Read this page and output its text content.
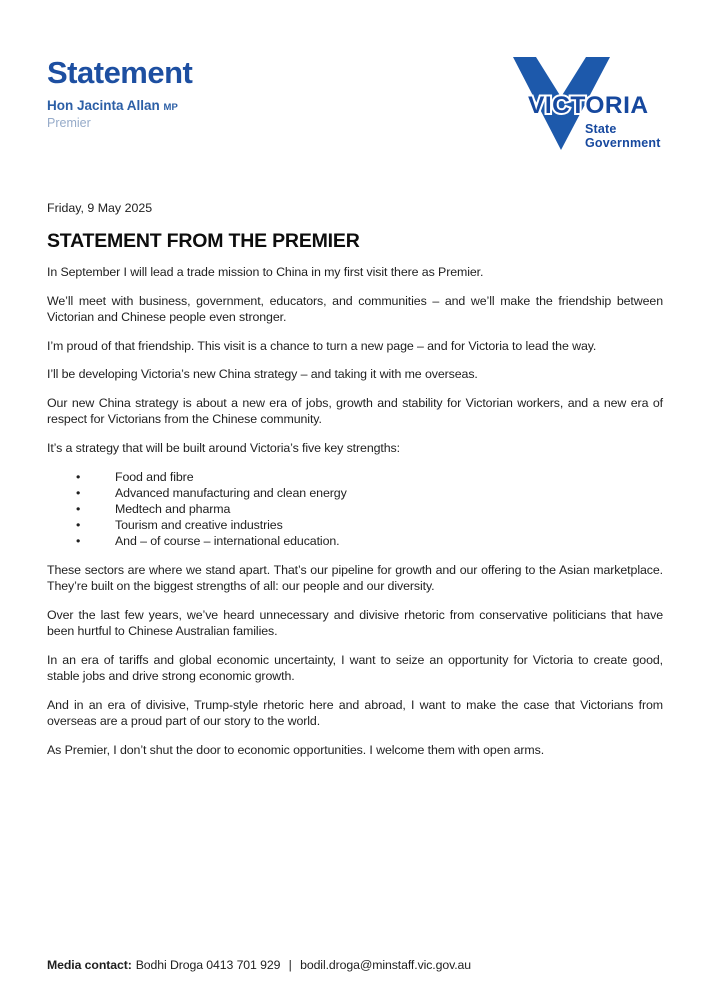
Statement
Hon Jacinta Allan MP
Premier
VICTORIA
State
Government
Friday, 9 May 2025
STATEMENT FROM THE PREMIER

In September I will lead a trade mission to China in my first visit there as Premier.

We’ll meet with business, government, educators, and communities – and we’ll make the friendship between Victorian and Chinese people even stronger.

I’m proud of that friendship. This visit is a chance to turn a new page – and for Victoria to lead the way.

I’ll be developing Victoria’s new China strategy – and taking it with me overseas.

Our new China strategy is about a new era of jobs, growth and stability for Victorian workers, and a new era of respect for Victorians from the Chinese community.

It’s a strategy that will be built around Victoria’s five key strengths:

• Food and fibre
• Advanced manufacturing and clean energy
• Medtech and pharma
• Tourism and creative industries
• And – of course – international education.

These sectors are where we stand apart. That’s our pipeline for growth and our offering to the Asian marketplace. They’re built on the biggest strengths of all: our people and our diversity.

Over the last few years, we’ve heard unnecessary and divisive rhetoric from conservative politicians that have been hurtful to Chinese Australian families.

In an era of tariffs and global economic uncertainty, I want to seize an opportunity for Victoria to create good, stable jobs and drive strong economic growth.

And in an era of divisive, Trump-style rhetoric here and abroad, I want to make the case that Victorians from overseas are a proud part of our story to the world.

As Premier, I don’t shut the door to economic opportunities. I welcome them with open arms.

Media contact: Bodhi Droga 0413 701 929 | bodil.droga@minstaff.vic.gov.au
